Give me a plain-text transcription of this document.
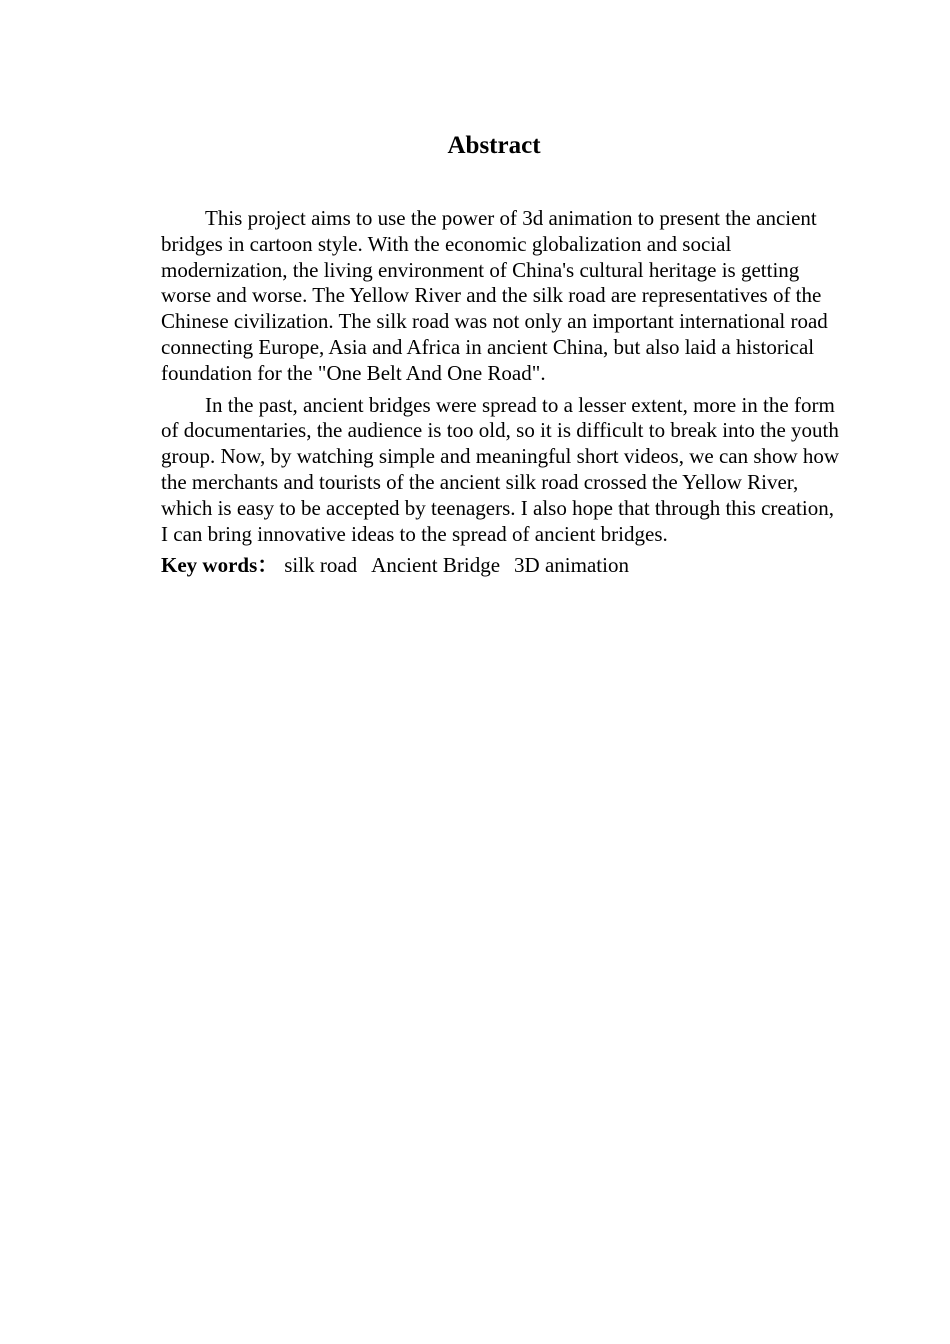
Abstract

This project aims to use the power of 3d animation to present the ancient bridges in cartoon style. With the economic globalization and social modernization, the living environment of China's cultural heritage is getting worse and worse. The Yellow River and the silk road are representatives of the Chinese civilization. The silk road was not only an important international road connecting Europe, Asia and Africa in ancient China, but also laid a historical foundation for the "One Belt And One Road".

In the past, ancient bridges were spread to a lesser extent, more in the form of documentaries, the audience is too old, so it is difficult to break into the youth group. Now, by watching simple and meaningful short videos, we can show how the merchants and tourists of the ancient silk road crossed the Yellow River, which is easy to be accepted by teenagers. I also hope that through this creation, I can bring innovative ideas to the spread of ancient bridges.

Key words： silk road Ancient Bridge 3D animation
